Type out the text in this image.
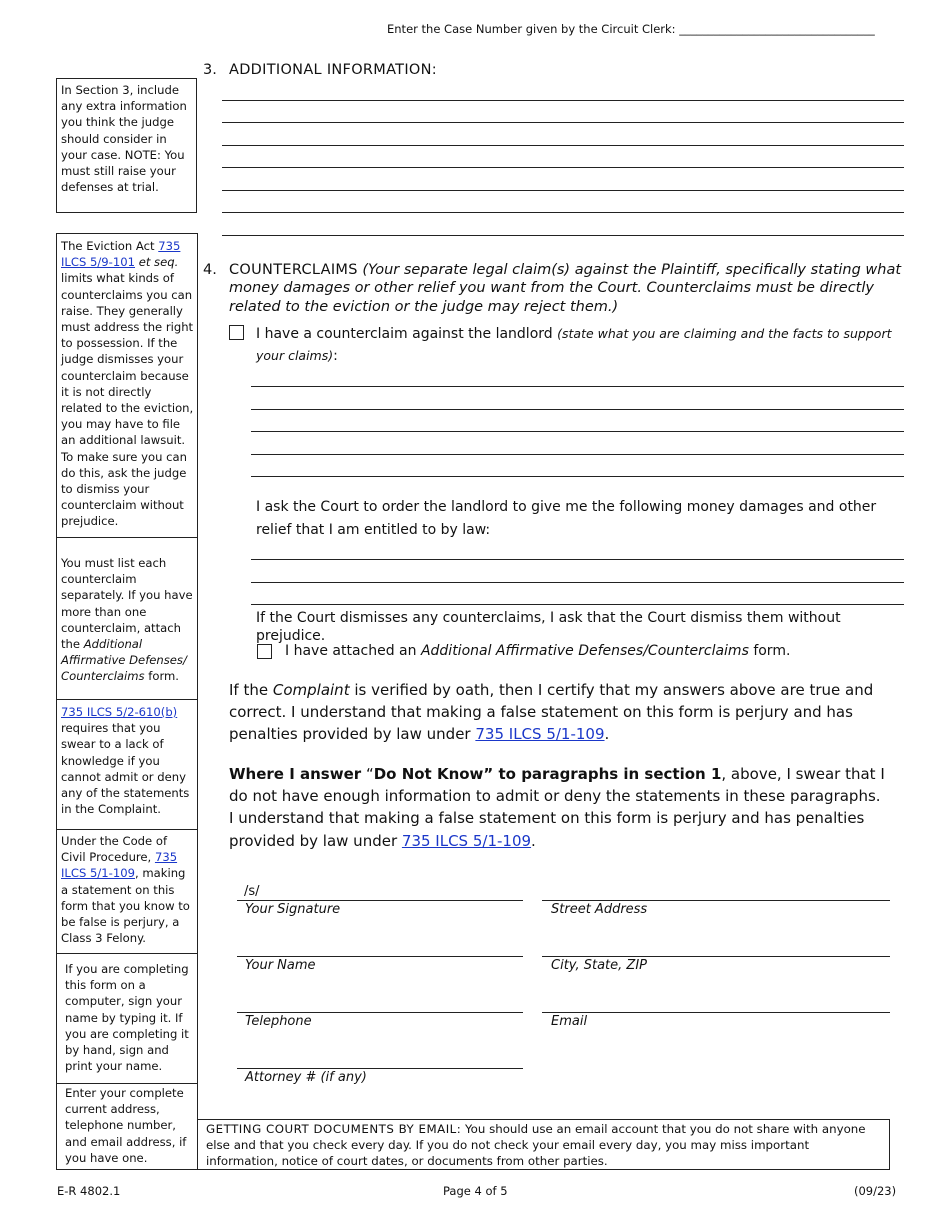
Enter the Case Number given by the Circuit Clerk: __________________________________
In Section 3, include any extra information you think the judge should consider in your case. NOTE: You must still raise your defenses at trial.
The Eviction Act 735 ILCS 5/9-101 et seq. limits what kinds of counterclaims you can raise. They generally must address the right to possession. If the judge dismisses your counterclaim because it is not directly related to the eviction, you may have to file an additional lawsuit. To make sure you can do this, ask the judge to dismiss your counterclaim without prejudice.
You must list each counterclaim separately. If you have more than one counterclaim, attach the Additional Affirmative Defenses/ Counterclaims form.
735 ILCS 5/2-610(b) requires that you swear to a lack of knowledge if you cannot admit or deny any of the statements in the Complaint.
Under the Code of Civil Procedure, 735 ILCS 5/1-109, making a statement on this form that you know to be false is perjury, a Class 3 Felony.
If you are completing this form on a computer, sign your name by typing it. If you are completing it by hand, sign and print your name.
Enter your complete current address, telephone number, and email address, if you have one.
3. ADDITIONAL INFORMATION:
4. COUNTERCLAIMS (Your separate legal claim(s) against the Plaintiff, specifically stating what money damages or other relief you want from the Court. Counterclaims must be directly related to the eviction or the judge may reject them.)
I have a counterclaim against the landlord (state what you are claiming and the facts to support your claims):
I ask the Court to order the landlord to give me the following money damages and other relief that I am entitled to by law:
If the Court dismisses any counterclaims, I ask that the Court dismiss them without prejudice.
I have attached an Additional Affirmative Defenses/Counterclaims form.
If the Complaint is verified by oath, then I certify that my answers above are true and correct. I understand that making a false statement on this form is perjury and has penalties provided by law under 735 ILCS 5/1-109.
Where I answer “Do Not Know” to paragraphs in section 1, above, I swear that I do not have enough information to admit or deny the statements in these paragraphs.
I understand that making a false statement on this form is perjury and has penalties provided by law under 735 ILCS 5/1-109.
/s/
Your Signature	Street Address
Your Name	City, State, ZIP
Telephone	Email
Attorney # (if any)
GETTING COURT DOCUMENTS BY EMAIL: You should use an email account that you do not share with anyone else and that you check every day. If you do not check your email every day, you may miss important information, notice of court dates, or documents from other parties.
E-R 4802.1	Page 4 of 5	(09/23)
